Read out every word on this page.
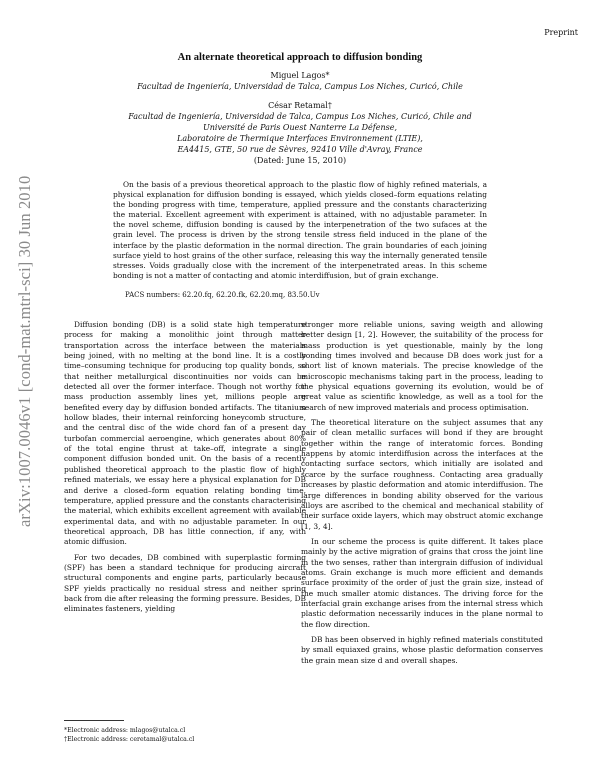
Preprint
arXiv:1007.0046v1 [cond-mat.mtrl-sci] 30 Jun 2010
An alternate theoretical approach to diffusion bonding
Miguel Lagos*
Facultad de Ingeniería, Universidad de Talca, Campus Los Niches, Curicó, Chile
César Retamal†
Facultad de Ingeniería, Universidad de Talca, Campus Los Niches, Curicó, Chile and
Université de Paris Ouest Nanterre La Défense,
Laboratoire de Thermique Interfaces Environnement (LTIE),
EA4415, GTE, 50 rue de Sèvres, 92410 Ville d'Avray, France
(Dated: June 15, 2010)
On the basis of a previous theoretical approach to the plastic flow of highly refined materials, a physical explanation for diffusion bonding is essayed, which yields closed–form equations relating the bonding progress with time, temperature, applied pressure and the constants characterizing the material. Excellent agreement with experiment is attained, with no adjustable parameter. In the novel scheme, diffusion bonding is caused by the interpenetration of the two sufaces at the grain level. The process is driven by the strong tensile stress field induced in the plane of the interface by the plastic deformation in the normal direction. The grain boundaries of each joining surface yield to host grains of the other surface, releasing this way the internally generated tensile stresses. Voids gradually close with the increment of the interpenetrated areas. In this scheme bonding is not a matter of contacting and atomic interdiffusion, but of grain exchange.
PACS numbers: 62.20.fq, 62.20.fk, 62.20.mq, 83.50.Uv

Diffusion bonding (DB) is a solid state high temperature process for making a monolithic joint through matter transportation across the interface between the materials being joined, with no melting at the bond line. It is a costly time–consuming technique for producing top quality bonds, so that neither metallurgical discontinuities nor voids can be detected all over the former interface. Though not worthy for mass production assembly lines yet, millions people are benefited every day by diffusion bonded artifacts. The titanium hollow blades, their internal reinforcing honeycomb structure, and the central disc of the wide chord fan of a present day turbofan commercial aeroengine, which generates about 80% of the total engine thrust at take–off, integrate a single component diffusion bonded unit. On the basis of a recently published theoretical approach to the plastic flow of highly refined materials, we essay here a physical explanation for DB and derive a closed–form equation relating bonding time, temperature, applied pressure and the constants characterising the material, which exhibits excellent agreement with available experimental data, and with no adjustable parameter. In our theoretical approach, DB has little connection, if any, with atomic diffusion.

For two decades, DB combined with superplastic forming (SPF) has been a standard technique for producing aircraft structural components and engine parts, particularly because SPF yields practically no residual stress and neither spring back from die after releasing the forming pressure. Besides, DB eliminates fasteners, yielding

stronger more reliable unions, saving weigth and allowing better design [1, 2]. However, the suitability of the process for mass production is yet questionable, mainly by the long bonding times involved and because DB does work just for a short list of known materials. The precise knowledge of the microscopic mechanisms taking part in the process, leading to the physical equations governing its evolution, would be of great value as scientific knowledge, as well as a tool for the search of new improved materials and process optimisation.

The theoretical literature on the subject assumes that any pair of clean metallic surfaces will bond if they are brought together within the range of interatomic forces. Bonding happens by atomic interdiffusion across the interfaces at the contacting surface sectors, which initially are isolated and scarce by the surface roughness. Contacting area gradually increases by plastic deformation and atomic interdiffusion. The large differences in bonding ability observed for the various alloys are ascribed to the chemical and mechanical stability of their surface oxide layers, which may obstruct atomic exchange [1, 3, 4].

In our scheme the process is quite different. It takes place mainly by the active migration of grains that cross the joint line in the two senses, rather than intergrain diffusion of individual atoms. Grain exchange is much more efficient and demands surface proximity of the order of just the grain size, instead of the much smaller atomic distances. The driving force for the interfacial grain exchange arises from the internal stress which plastic deformation necessarily induces in the plane normal to the flow direction.

DB has been observed in highly refined materials constituted by small equiaxed grains, whose plastic deformation conserves the grain mean size d and overall shapes.

*Electronic address: mlagos@utalca.cl
†Electronic address: ceretamal@utalca.cl
